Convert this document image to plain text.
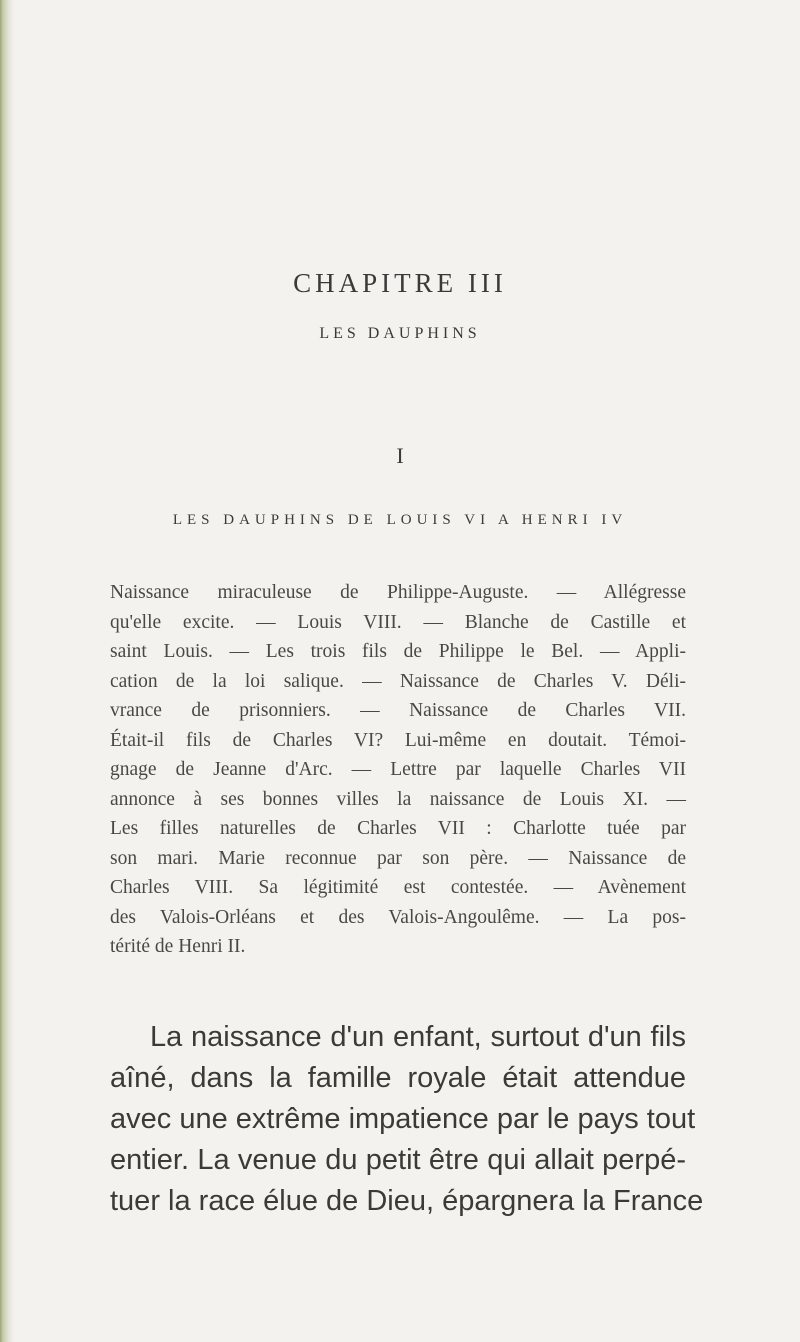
CHAPITRE III
LES DAUPHINS
I
LES DAUPHINS DE LOUIS VI A HENRI IV
Naissance miraculeuse de Philippe-Auguste. — Allégresse
qu'elle excite. — Louis VIII. — Blanche de Castille et
saint Louis. — Les trois fils de Philippe le Bel. — Appli-
cation de la loi salique. — Naissance de Charles V. Déli-
vrance de prisonniers. — Naissance de Charles VII.
Était-il fils de Charles VI? Lui-même en doutait. Témoi-
gnage de Jeanne d'Arc. — Lettre par laquelle Charles VII
annonce à ses bonnes villes la naissance de Louis XI. —
Les filles naturelles de Charles VII : Charlotte tuée par
son mari. Marie reconnue par son père. — Naissance de
Charles VIII. Sa légitimité est contestée. — Avènement
des Valois-Orléans et des Valois-Angoulême. — La pos-
térité de Henri II.
La naissance d'un enfant, surtout d'un fils
aîné, dans la famille royale était attendue
avec une extrême impatience par le pays tout
entier. La venue du petit être qui allait perpé-
tuer la race élue de Dieu, épargnera la France
